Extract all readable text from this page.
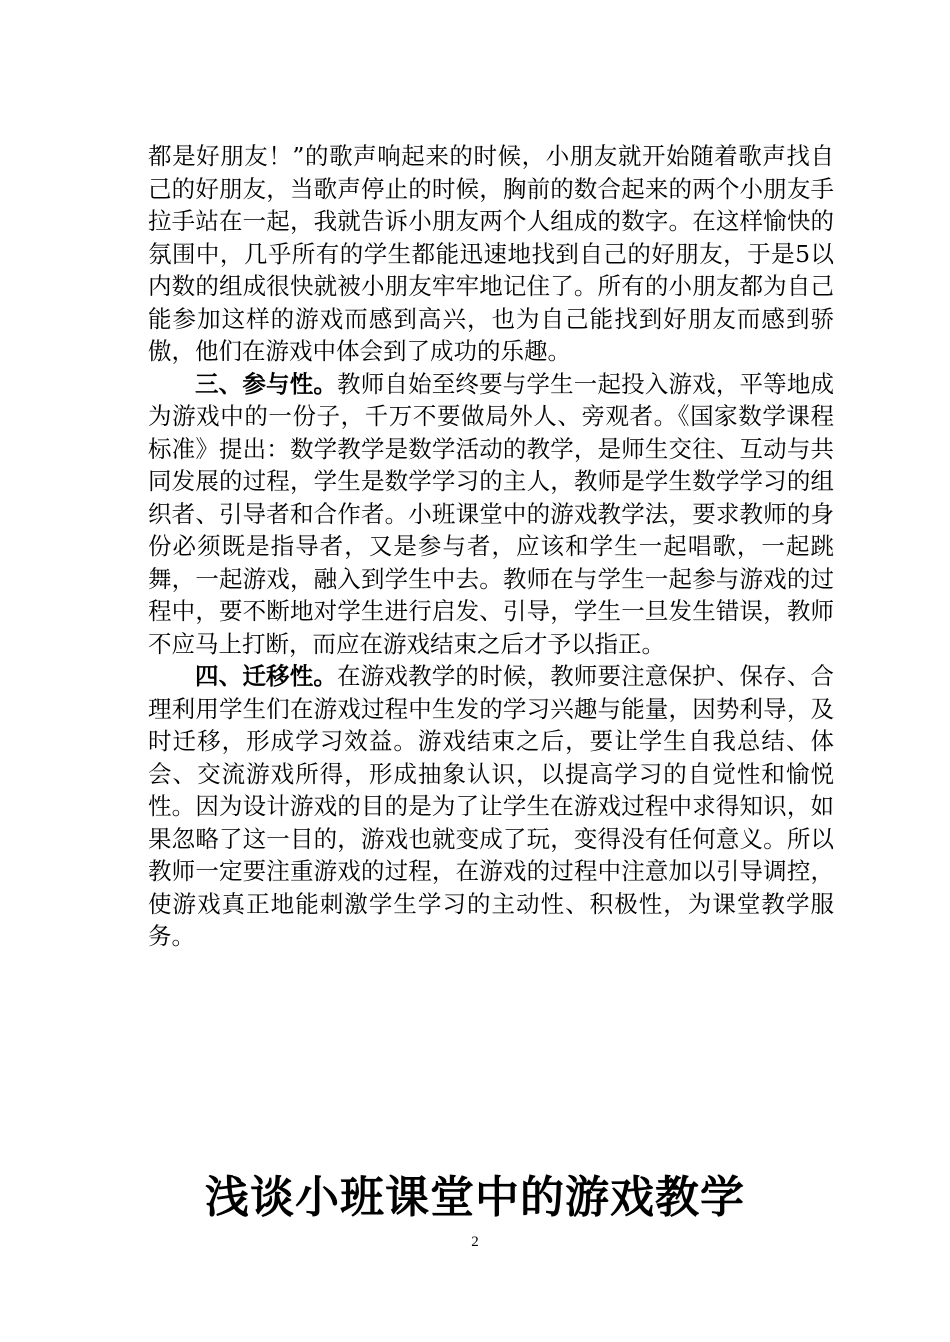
都是好朋友！”的歌声响起来的时候，小朋友就开始随着歌声找自己的好朋友，当歌声停止的时候，胸前的数合起来的两个小朋友手拉手站在一起，我就告诉小朋友两个人组成的数字。在这样愉快的氛围中，几乎所有的学生都能迅速地找到自己的好朋友，于是5以内数的组成很快就被小朋友牢牢地记住了。所有的小朋友都为自己能参加这样的游戏而感到高兴，也为自己能找到好朋友而感到骄傲，他们在游戏中体会到了成功的乐趣。

三、参与性。教师自始至终要与学生一起投入游戏，平等地成为游戏中的一份子，千万不要做局外人、旁观者。《国家数学课程标准》提出：数学教学是数学活动的教学，是师生交往、互动与共同发展的过程，学生是数学学习的主人，教师是学生数学学习的组织者、引导者和合作者。小班课堂中的游戏教学法，要求教师的身份必须既是指导者，又是参与者，应该和学生一起唱歌，一起跳舞，一起游戏，融入到学生中去。教师在与学生一起参与游戏的过程中，要不断地对学生进行启发、引导，学生一旦发生错误，教师不应马上打断，而应在游戏结束之后才予以指正。

四、迁移性。在游戏教学的时候，教师要注意保护、保存、合理利用学生们在游戏过程中生发的学习兴趣与能量，因势利导，及时迁移，形成学习效益。游戏结束之后，要让学生自我总结、体会、交流游戏所得，形成抽象认识，以提高学习的自觉性和愉悦性。因为设计游戏的目的是为了让学生在游戏过程中求得知识，如果忽略了这一目的，游戏也就变成了玩，变得没有任何意义。所以教师一定要注重游戏的过程，在游戏的过程中注意加以引导调控，使游戏真正地能刺激学生学习的主动性、积极性，为课堂教学服务。

浅谈小班课堂中的游戏教学
2
